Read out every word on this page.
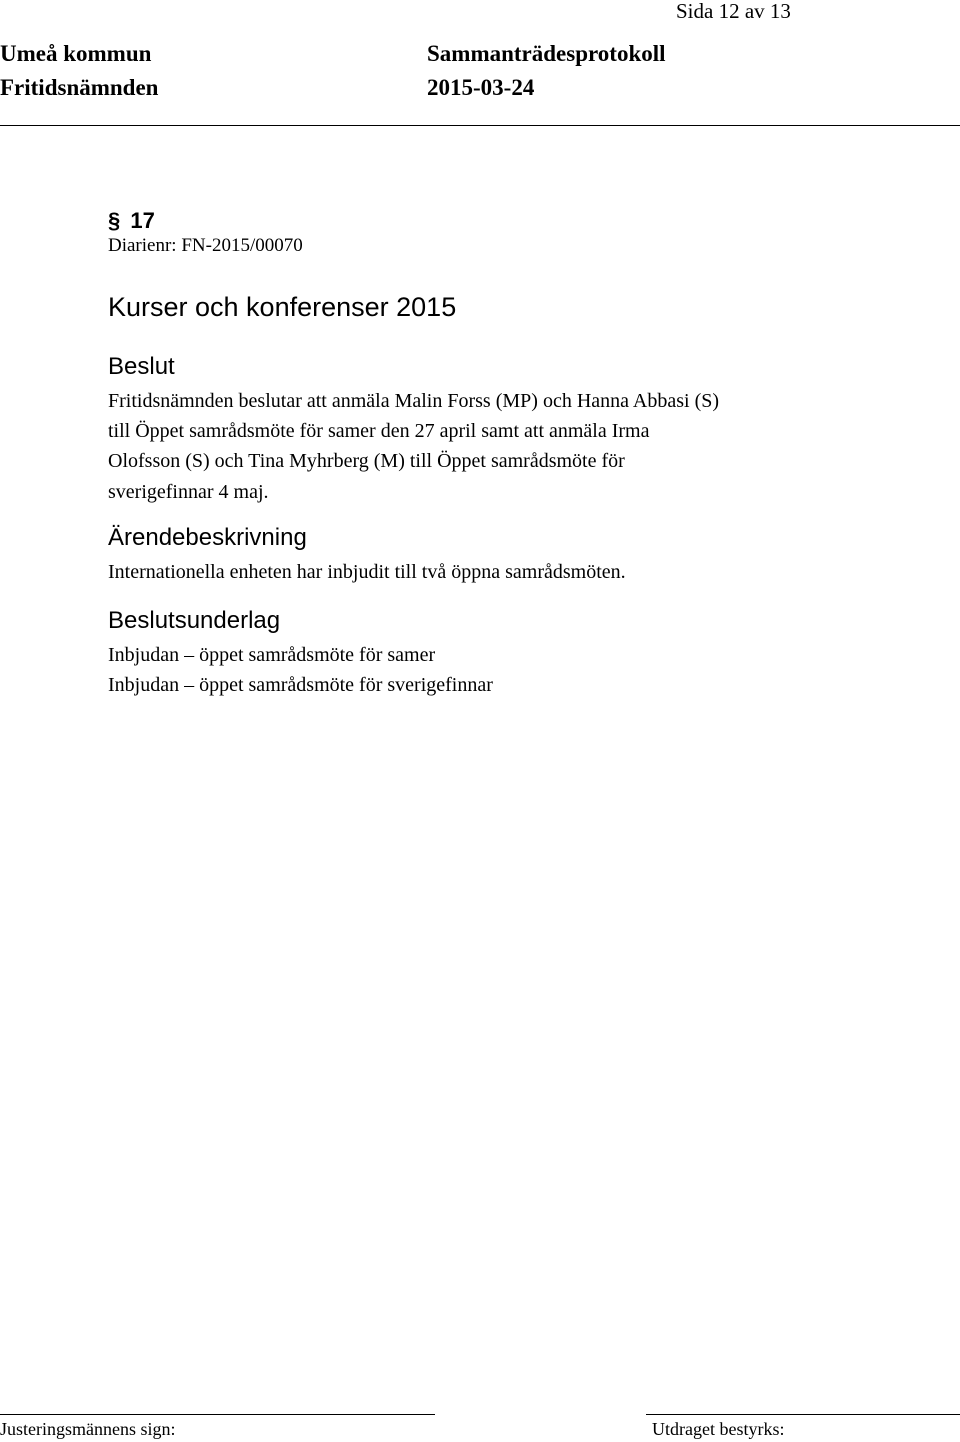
Sida 12 av 13
Umeå kommun	Sammanträdesprotokoll
Fritidsnämnden	2015-03-24
§ 17
Diarienr: FN-2015/00070
Kurser och konferenser 2015
Beslut
Fritidsnämnden beslutar att anmäla Malin Forss (MP) och Hanna Abbasi (S)
till Öppet samrådsmöte för samer den 27 april samt att anmäla Irma
Olofsson (S) och Tina Myhrberg (M) till Öppet samrådsmöte för
sverigefinnar 4 maj.
Ärendebeskrivning
Internationella enheten har inbjudit till två öppna samrådsmöten.
Beslutsunderlag
Inbjudan – öppet samrådsmöte för samer
Inbjudan – öppet samrådsmöte för sverigefinnar
Justeringsmännens sign:	Utdraget bestyrks:
